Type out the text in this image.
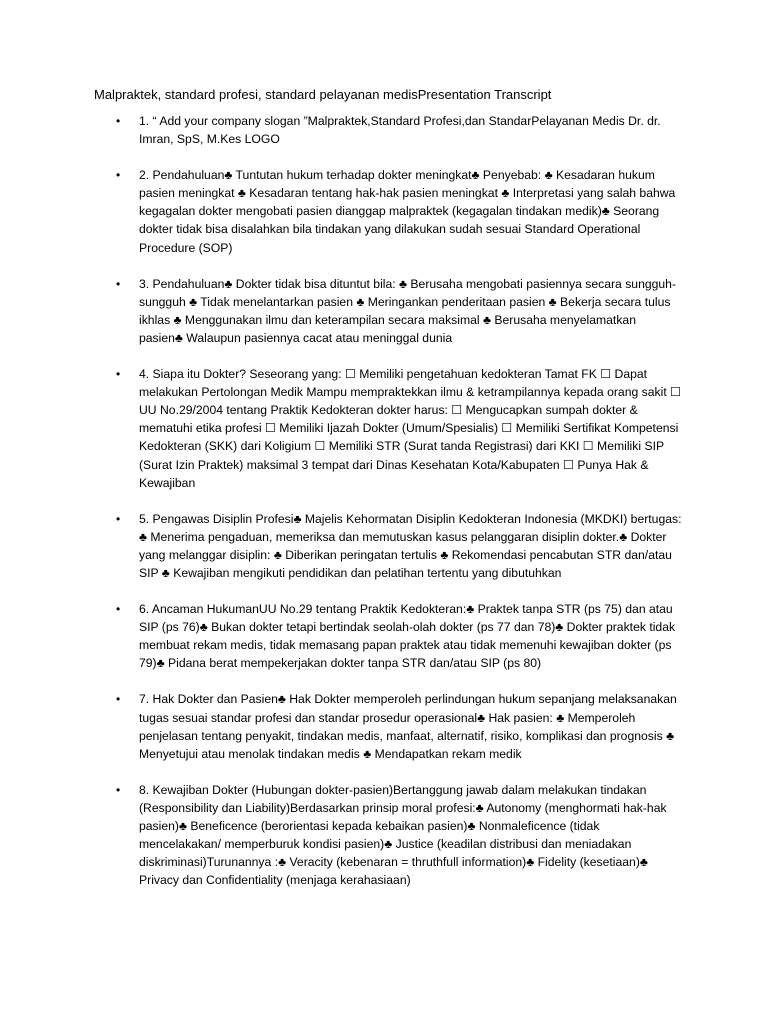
Malpraktek, standard profesi, standard pelayanan medisPresentation Transcript
• 1. “ Add your company slogan ”Malpraktek,Standard Profesi,dan StandarPelayanan Medis Dr. dr. Imran, SpS, M.Kes LOGO
• 2. Pendahuluan♣ Tuntutan hukum terhadap dokter meningkat♣ Penyebab: ♣ Kesadaran hukum pasien meningkat ♣ Kesadaran tentang hak-hak pasien meningkat ♣ Interpretasi yang salah bahwa kegagalan dokter mengobati pasien dianggap malpraktek (kegagalan tindakan medik)♣ Seorang dokter tidak bisa disalahkan bila tindakan yang dilakukan sudah sesuai Standard Operational Procedure (SOP)
• 3. Pendahuluan♣ Dokter tidak bisa dituntut bila: ♣ Berusaha mengobati pasiennya secara sungguh- sungguh ♣ Tidak menelantarkan pasien ♣ Meringankan penderitaan pasien ♣ Bekerja secara tulus ikhlas ♣ Menggunakan ilmu dan keterampilan secara maksimal ♣ Berusaha menyelamatkan pasien♣ Walaupun pasiennya cacat atau meninggal dunia
• 4. Siapa itu Dokter? Seseorang yang: ☐ Memiliki pengetahuan kedokteran Tamat FK ☐ Dapat melakukan Pertolongan Medik Mampu mempraktekkan ilmu & ketrampilannya kepada orang sakit ☐ UU No.29/2004 tentang Praktik Kedokteran dokter harus: ☐ Mengucapkan sumpah dokter & mematuhi etika profesi ☐ Memiliki Ijazah Dokter (Umum/Spesialis) ☐ Memiliki Sertifikat Kompetensi Kedokteran (SKK) dari Koligium ☐ Memiliki STR (Surat tanda Registrasi) dari KKI ☐ Memiliki SIP (Surat Izin Praktek) maksimal 3 tempat dari Dinas Kesehatan Kota/Kabupaten ☐ Punya Hak & Kewajiban
• 5. Pengawas Disiplin Profesi♣ Majelis Kehormatan Disiplin Kedokteran Indonesia (MKDKI) bertugas: ♣ Menerima pengaduan, memeriksa dan memutuskan kasus pelanggaran disiplin dokter.♣ Dokter yang melanggar disiplin: ♣ Diberikan peringatan tertulis ♣ Rekomendasi pencabutan STR dan/atau SIP ♣ Kewajiban mengikuti pendidikan dan pelatihan tertentu yang dibutuhkan
• 6. Ancaman HukumanUU No.29 tentang Praktik Kedokteran:♣ Praktek tanpa STR (ps 75) dan atau SIP (ps 76)♣ Bukan dokter tetapi bertindak seolah-olah dokter (ps 77 dan 78)♣ Dokter praktek tidak membuat rekam medis, tidak memasang papan praktek atau tidak memenuhi kewajiban dokter (ps 79)♣ Pidana berat mempekerjakan dokter tanpa STR dan/atau SIP (ps 80)
• 7. Hak Dokter dan Pasien♣ Hak Dokter memperoleh perlindungan hukum sepanjang melaksanakan tugas sesuai standar profesi dan standar prosedur operasional♣ Hak pasien: ♣ Memperoleh penjelasan tentang penyakit, tindakan medis, manfaat, alternatif, risiko, komplikasi dan prognosis ♣ Menyetujui atau menolak tindakan medis ♣ Mendapatkan rekam medik
• 8. Kewajiban Dokter (Hubungan dokter-pasien)Bertanggung jawab dalam melakukan tindakan (Responsibility dan Liability)Berdasarkan prinsip moral profesi:♣ Autonomy (menghormati hak-hak pasien)♣ Beneficence (berorientasi kepada kebaikan pasien)♣ Nonmaleficence (tidak mencelakakan/ memperburuk kondisi pasien)♣ Justice (keadilan distribusi dan meniadakan diskriminasi)Turunannya :♣ Veracity (kebenaran = thruthfull information)♣ Fidelity (kesetiaan)♣ Privacy dan Confidentiality (menjaga kerahasiaan)
